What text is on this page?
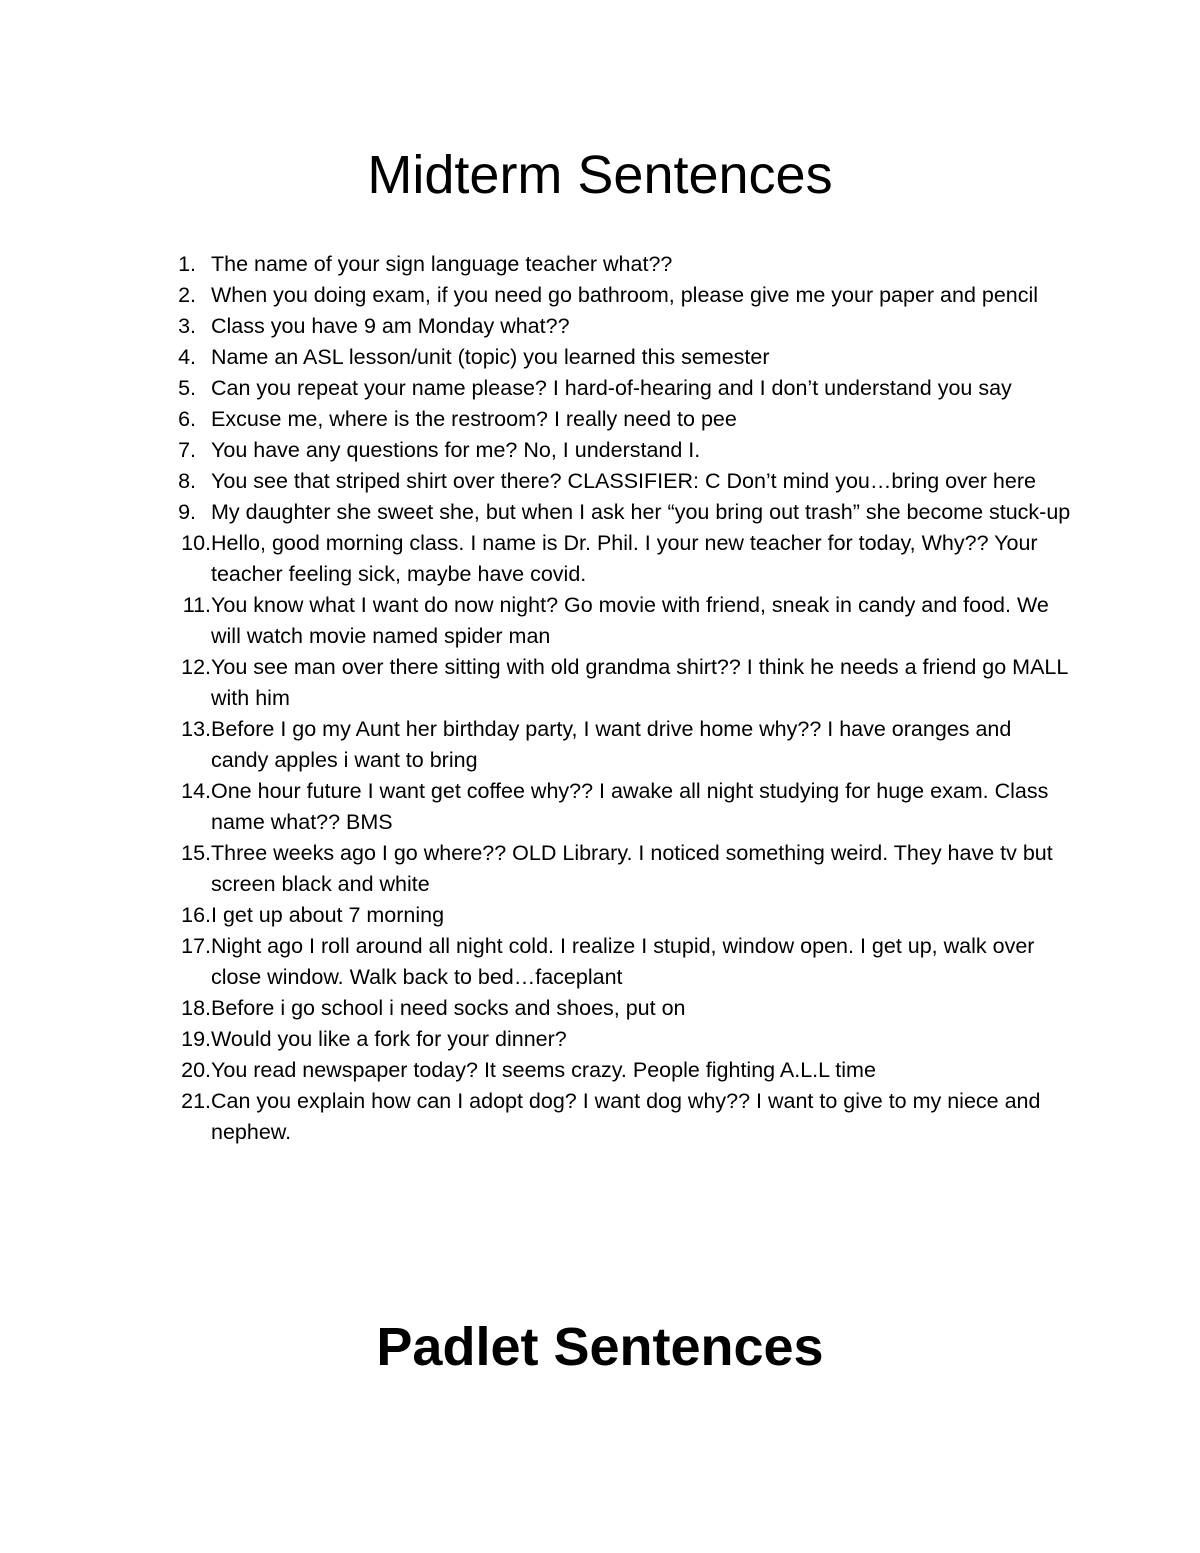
Midterm Sentences
1. The name of your sign language teacher what??
2. When you doing exam, if you need go bathroom, please give me your paper and pencil
3. Class you have 9 am Monday what??
4. Name an ASL lesson/unit (topic) you learned this semester
5. Can you repeat your name please? I hard-of-hearing and I don’t understand you say
6. Excuse me, where is the restroom? I really need to pee
7. You have any questions for me? No, I understand I.
8. You see that striped shirt over there? CLASSIFIER: C Don’t mind you…bring over here
9. My daughter she sweet she, but when I ask her “you bring out trash” she become stuck-up
10. Hello, good morning class. I name is Dr. Phil. I your new teacher for today, Why?? Your teacher feeling sick, maybe have covid.
11. You know what I want do now night? Go movie with friend, sneak in candy and food. We will watch movie named spider man
12. You see man over there sitting with old grandma shirt?? I think he needs a friend go MALL with him
13. Before I go my Aunt her birthday party, I want drive home why?? I have oranges and candy apples i want to bring
14. One hour future I want get coffee why?? I awake all night studying for huge exam. Class name what?? BMS
15. Three weeks ago I go where?? OLD Library. I noticed something weird. They have tv but screen black and white
16. I get up about 7 morning
17. Night ago I roll around all night cold. I realize I stupid, window open. I get up, walk over close window. Walk back to bed…faceplant
18. Before i go school i need socks and shoes, put on
19. Would you like a fork for your dinner?
20. You read newspaper today? It seems crazy. People fighting A.L.L time
21. Can you explain how can I adopt dog? I want dog why?? I want to give to my niece and nephew.
Padlet Sentences
